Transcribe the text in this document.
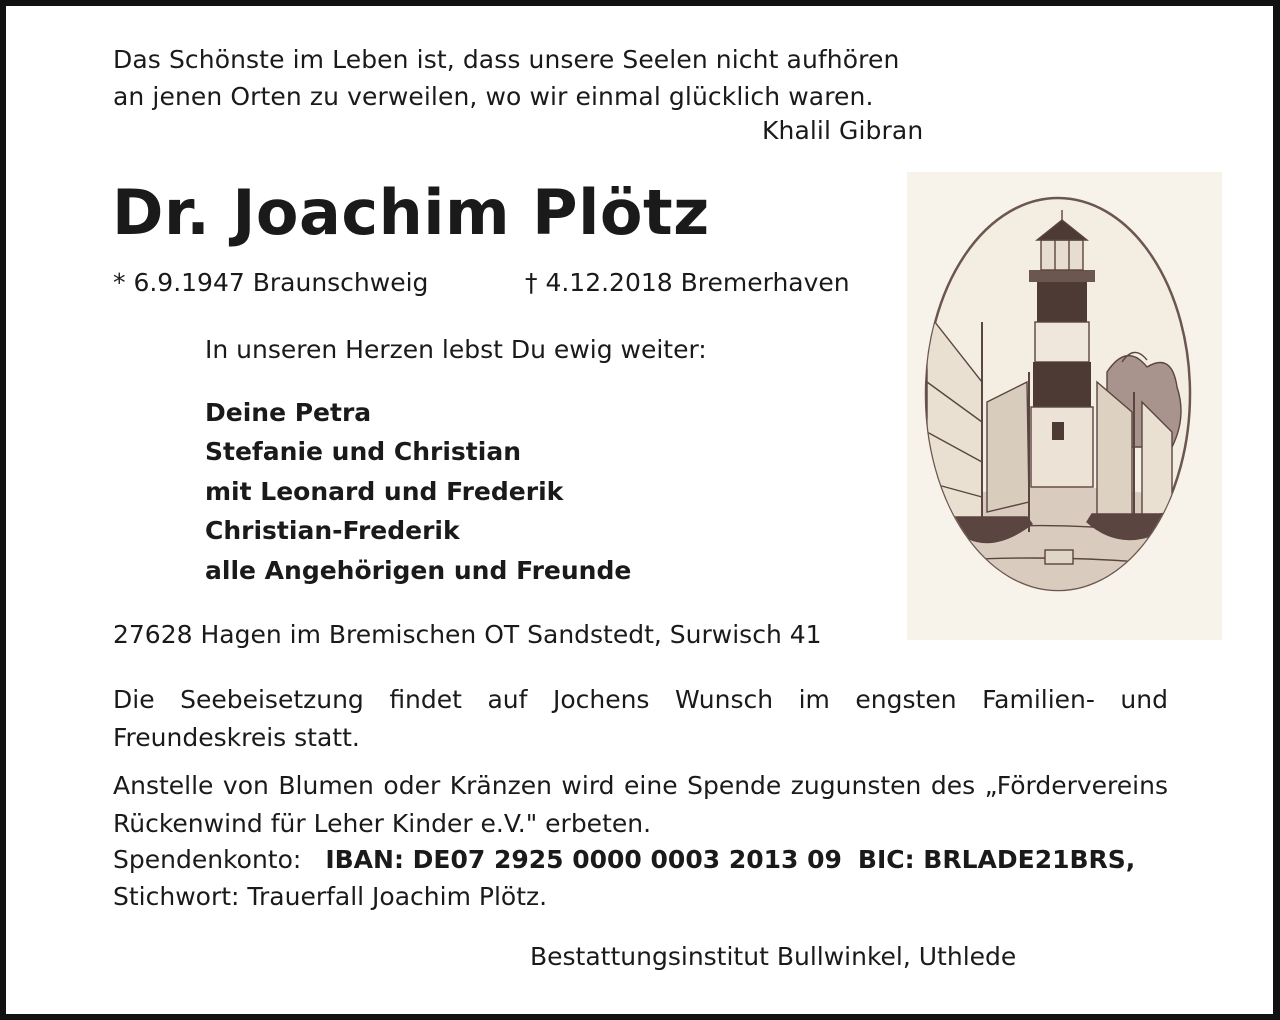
Das Schönste im Leben ist, dass unsere Seelen nicht aufhören

an jenen Orten zu verweilen, wo wir einmal glücklich waren.

Khalil Gibran

Dr. Joachim Plötz

* 6.9.1947 Braunschweig	† 4.12.2018 Bremerhaven

In unseren Herzen lebst Du ewig weiter:

Deine Petra

Stefanie und Christian

mit Leonard und Frederik

Christian-Frederik

alle Angehörigen und Freunde

27628 Hagen im Bremischen OT Sandstedt, Surwisch 41

Die Seebeisetzung findet auf Jochens Wunsch im engsten Familien- und Freundeskreis statt.

Anstelle von Blumen oder Kränzen wird eine Spende zugunsten des „Fördervereins Rückenwind für Leher Kinder e.V." erbeten.

Spendenkonto: IBAN: DE07 2925 0000 0003 2013 09 BIC: BRLADE21BRS,

Stichwort: Trauerfall Joachim Plötz.

Bestattungsinstitut Bullwinkel, Uthlede
